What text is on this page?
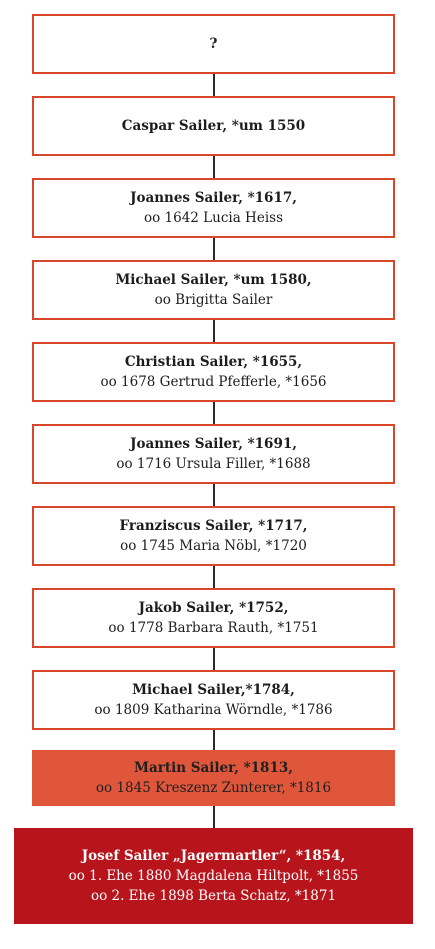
?
Caspar Sailer, *um 1550
Joannes Sailer, *1617,
oo 1642 Lucia Heiss
Michael Sailer, *um 1580,
oo Brigitta Sailer
Christian Sailer, *1655,
oo 1678 Gertrud Pfefferle, *1656
Joannes Sailer, *1691,
oo 1716 Ursula Filler, *1688
Franziscus Sailer, *1717,
oo 1745 Maria Nöbl, *1720
Jakob Sailer, *1752,
oo 1778 Barbara Rauth, *1751
Michael Sailer,*1784,
oo 1809 Katharina Wörndle, *1786
Martin Sailer, *1813,
oo 1845 Kreszenz Zunterer, *1816
Josef Sailer „Jagermartler“, *1854,
oo 1. Ehe 1880 Magdalena Hiltpolt, *1855
oo 2. Ehe 1898 Berta Schatz, *1871
